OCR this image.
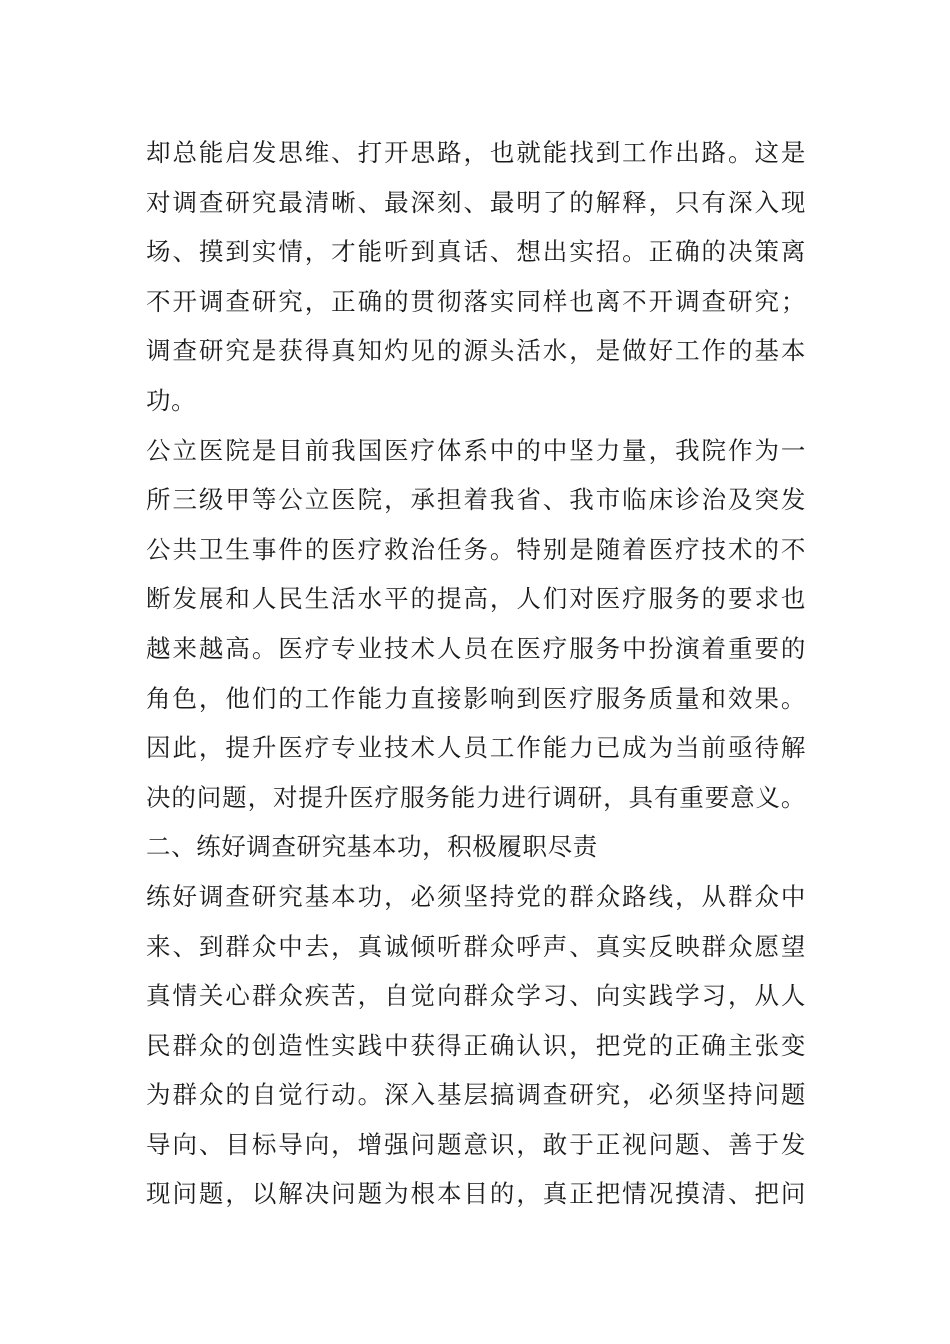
却总能启发思维、打开思路，也就能找到工作出路。这是
对调查研究最清晰、最深刻、最明了的解释，只有深入现
场、摸到实情，才能听到真话、想出实招。正确的决策离
不开调查研究，正确的贯彻落实同样也离不开调查研究；
调查研究是获得真知灼见的源头活水，是做好工作的基本
功。
公立医院是目前我国医疗体系中的中坚力量，我院作为一
所三级甲等公立医院，承担着我省、我市临床诊治及突发
公共卫生事件的医疗救治任务。特别是随着医疗技术的不
断发展和人民生活水平的提高，人们对医疗服务的要求也
越来越高。医疗专业技术人员在医疗服务中扮演着重要的
角色，他们的工作能力直接影响到医疗服务质量和效果。
因此，提升医疗专业技术人员工作能力已成为当前亟待解
决的问题，对提升医疗服务能力进行调研，具有重要意义。
二、练好调查研究基本功，积极履职尽责
练好调查研究基本功，必须坚持党的群众路线，从群众中
来、到群众中去，真诚倾听群众呼声、真实反映群众愿望
真情关心群众疾苦，自觉向群众学习、向实践学习，从人
民群众的创造性实践中获得正确认识，把党的正确主张变
为群众的自觉行动。深入基层搞调查研究，必须坚持问题
导向、目标导向，增强问题意识，敢于正视问题、善于发
现问题，以解决问题为根本目的，真正把情况摸清、把问
